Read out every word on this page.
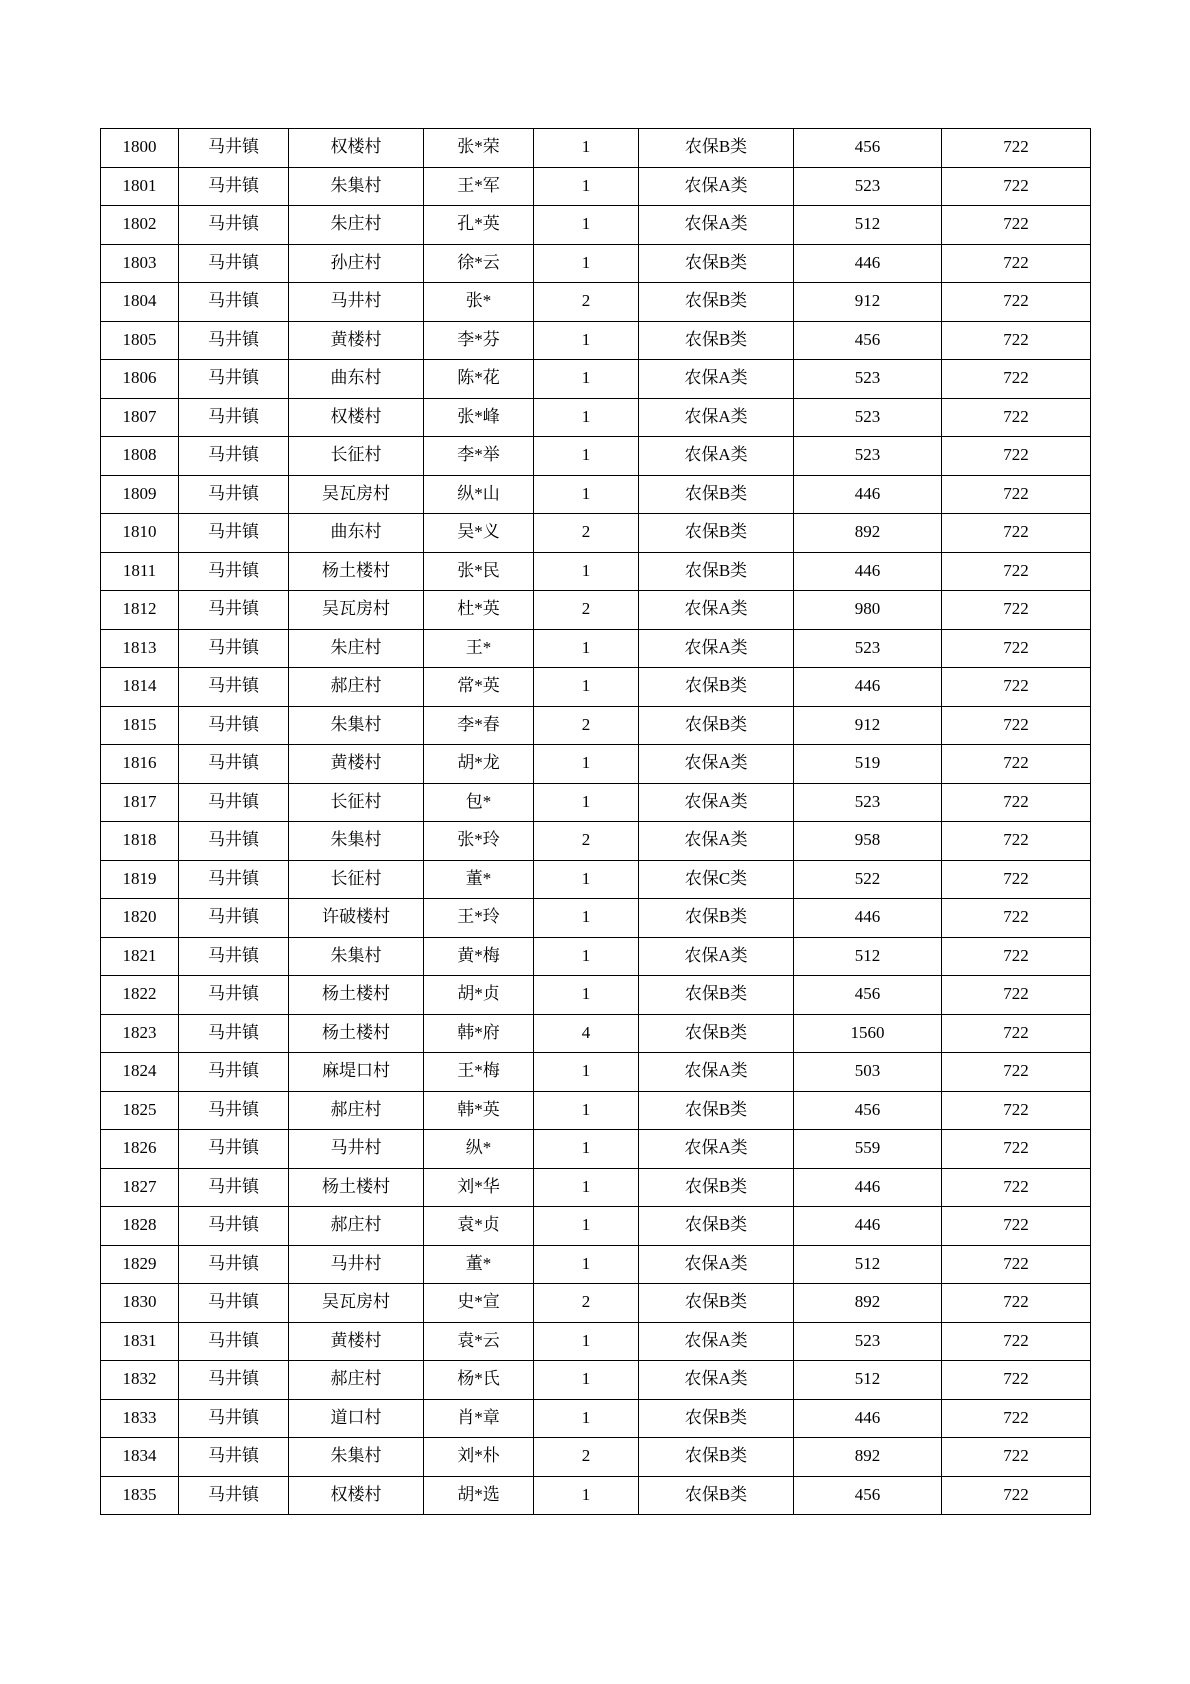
1800	马井镇	权楼村	张*荣	1	农保B类	456	722
1801	马井镇	朱集村	王*军	1	农保A类	523	722
1802	马井镇	朱庄村	孔*英	1	农保A类	512	722
1803	马井镇	孙庄村	徐*云	1	农保B类	446	722
1804	马井镇	马井村	张*	2	农保B类	912	722
1805	马井镇	黄楼村	李*芬	1	农保B类	456	722
1806	马井镇	曲东村	陈*花	1	农保A类	523	722
1807	马井镇	权楼村	张*峰	1	农保A类	523	722
1808	马井镇	长征村	李*举	1	农保A类	523	722
1809	马井镇	吴瓦房村	纵*山	1	农保B类	446	722
1810	马井镇	曲东村	吴*义	2	农保B类	892	722
1811	马井镇	杨土楼村	张*民	1	农保B类	446	722
1812	马井镇	吴瓦房村	杜*英	2	农保A类	980	722
1813	马井镇	朱庄村	王*	1	农保A类	523	722
1814	马井镇	郝庄村	常*英	1	农保B类	446	722
1815	马井镇	朱集村	李*春	2	农保B类	912	722
1816	马井镇	黄楼村	胡*龙	1	农保A类	519	722
1817	马井镇	长征村	包*	1	农保A类	523	722
1818	马井镇	朱集村	张*玲	2	农保A类	958	722
1819	马井镇	长征村	董*	1	农保C类	522	722
1820	马井镇	许破楼村	王*玲	1	农保B类	446	722
1821	马井镇	朱集村	黄*梅	1	农保A类	512	722
1822	马井镇	杨土楼村	胡*贞	1	农保B类	456	722
1823	马井镇	杨土楼村	韩*府	4	农保B类	1560	722
1824	马井镇	麻堤口村	王*梅	1	农保A类	503	722
1825	马井镇	郝庄村	韩*英	1	农保B类	456	722
1826	马井镇	马井村	纵*	1	农保A类	559	722
1827	马井镇	杨土楼村	刘*华	1	农保B类	446	722
1828	马井镇	郝庄村	袁*贞	1	农保B类	446	722
1829	马井镇	马井村	董*	1	农保A类	512	722
1830	马井镇	吴瓦房村	史*宣	2	农保B类	892	722
1831	马井镇	黄楼村	袁*云	1	农保A类	523	722
1832	马井镇	郝庄村	杨*氏	1	农保A类	512	722
1833	马井镇	道口村	肖*章	1	农保B类	446	722
1834	马井镇	朱集村	刘*朴	2	农保B类	892	722
1835	马井镇	权楼村	胡*选	1	农保B类	456	722
